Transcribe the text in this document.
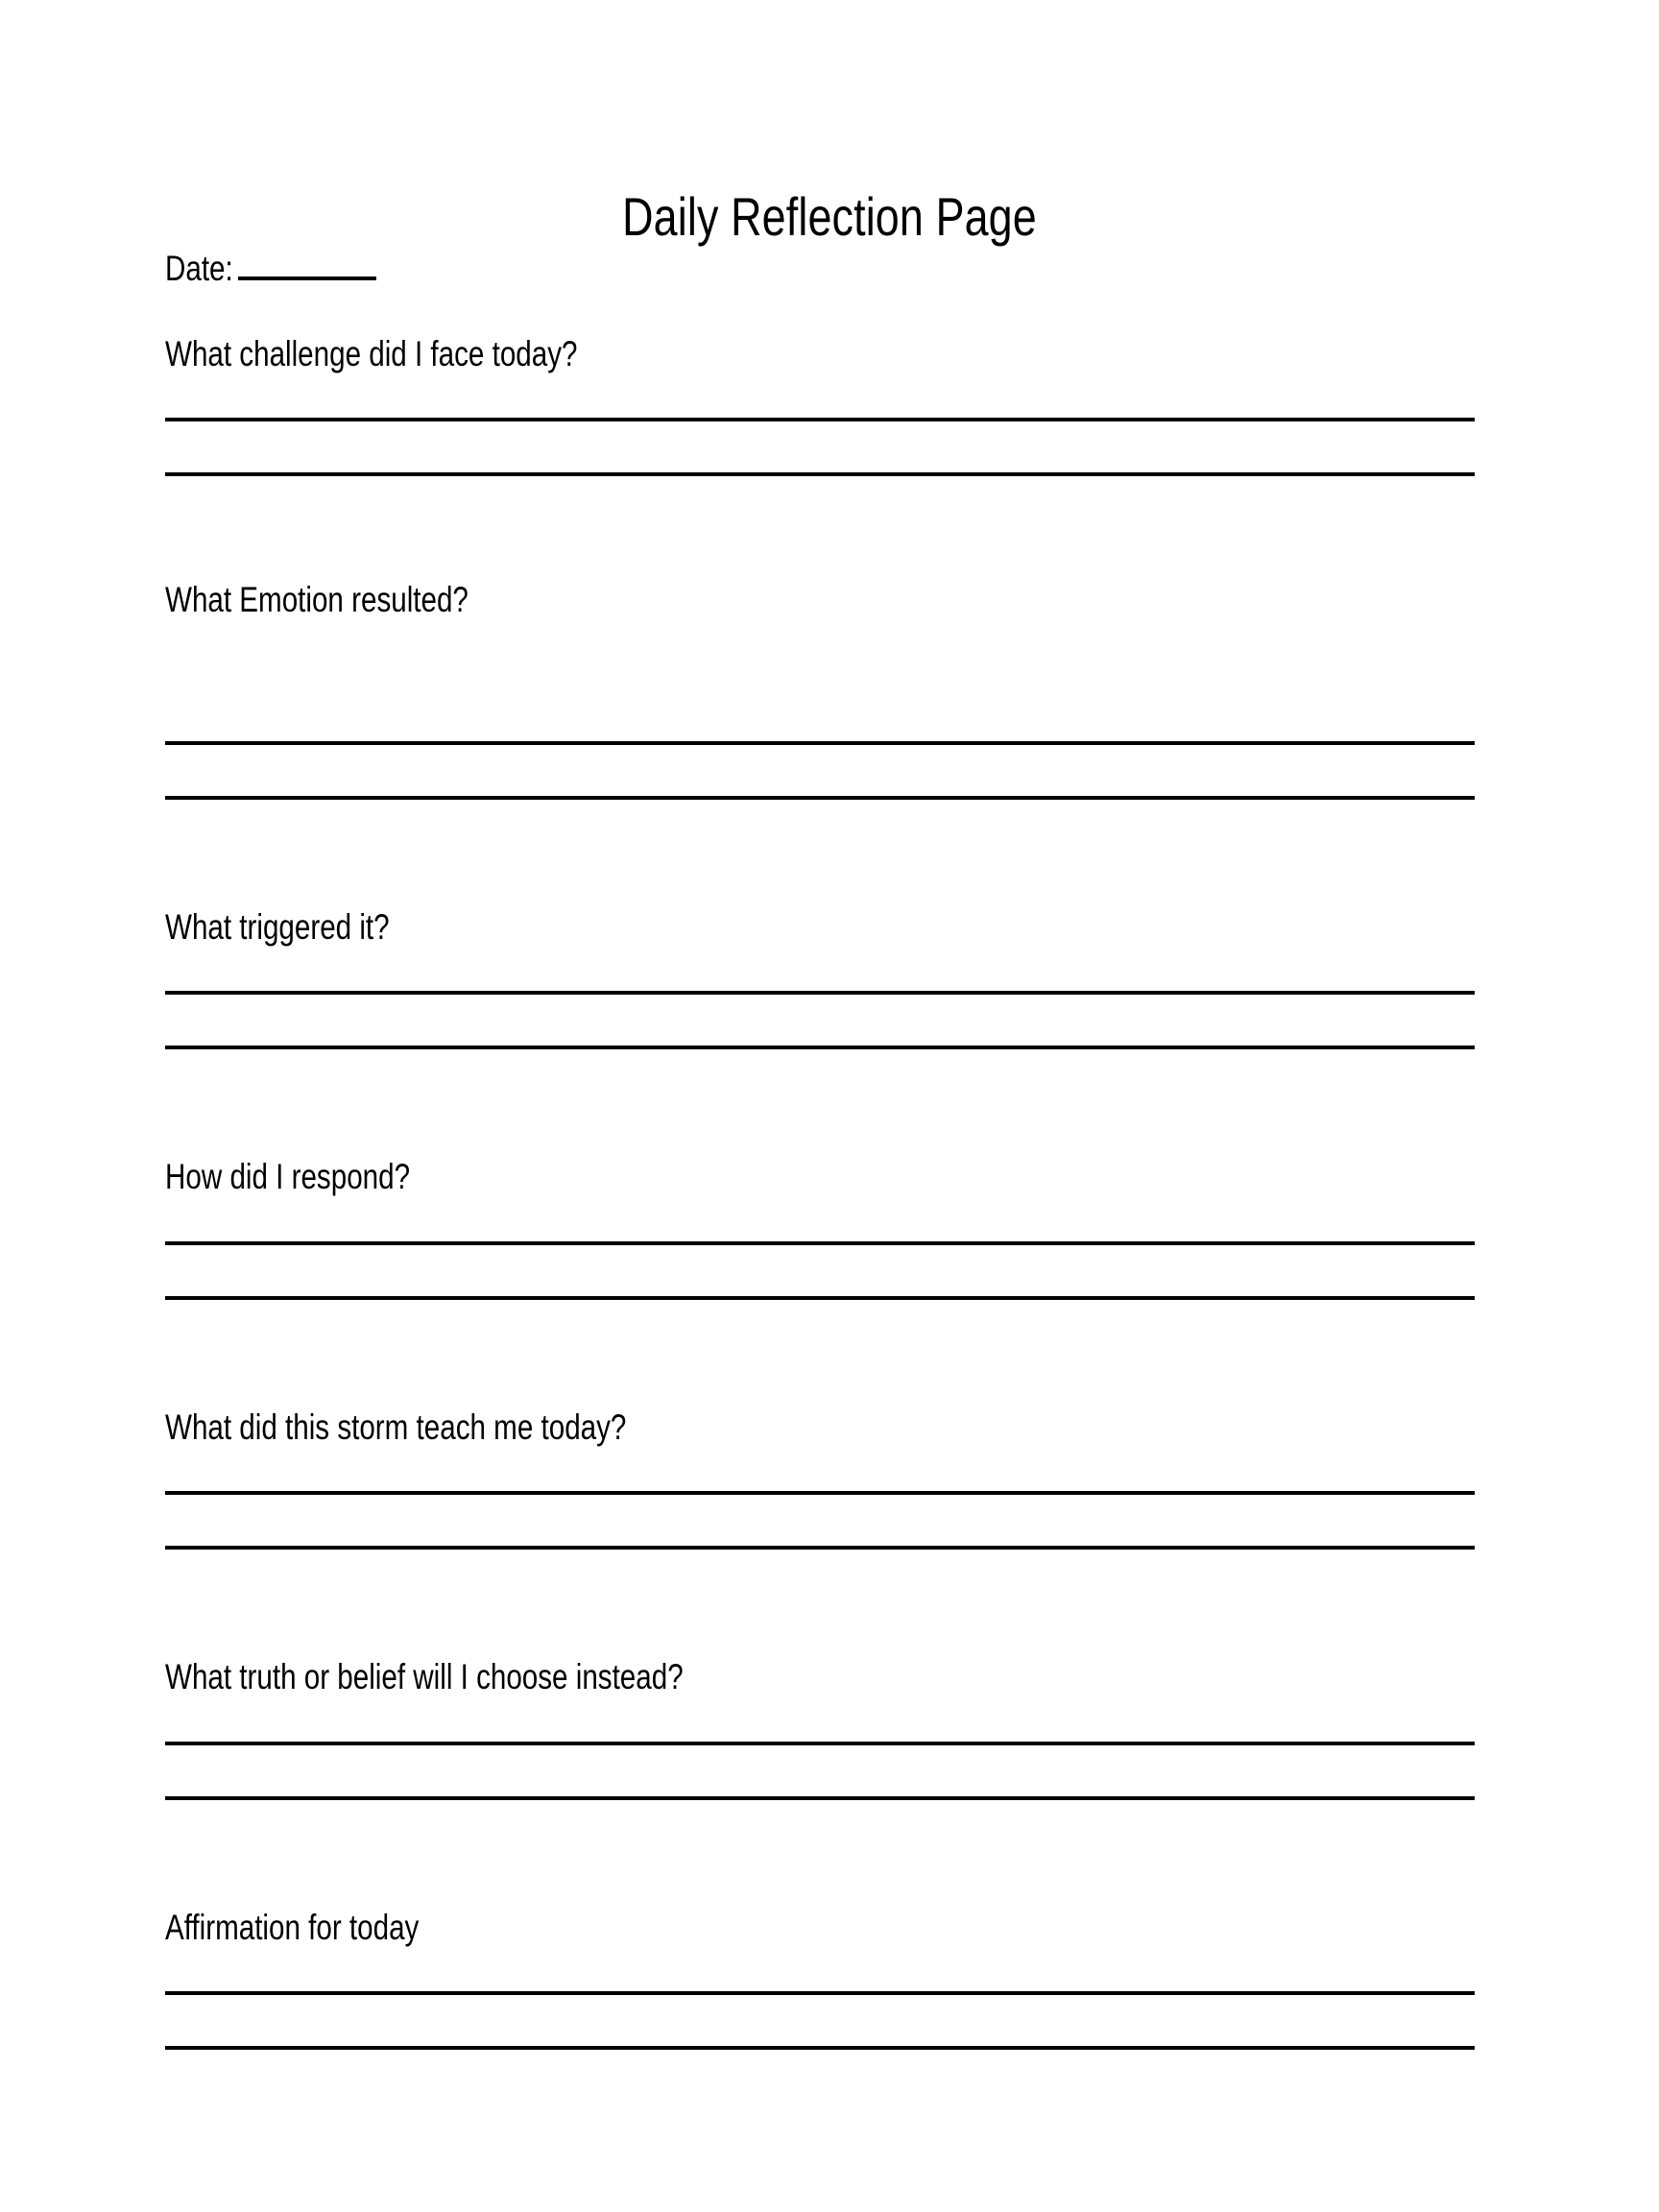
Daily Reflection Page
Date:
What challenge did I face today?
What Emotion resulted?
What triggered it?
How did I respond?
What did this storm teach me today?
What truth or belief will I choose instead?
Affirmation for today
